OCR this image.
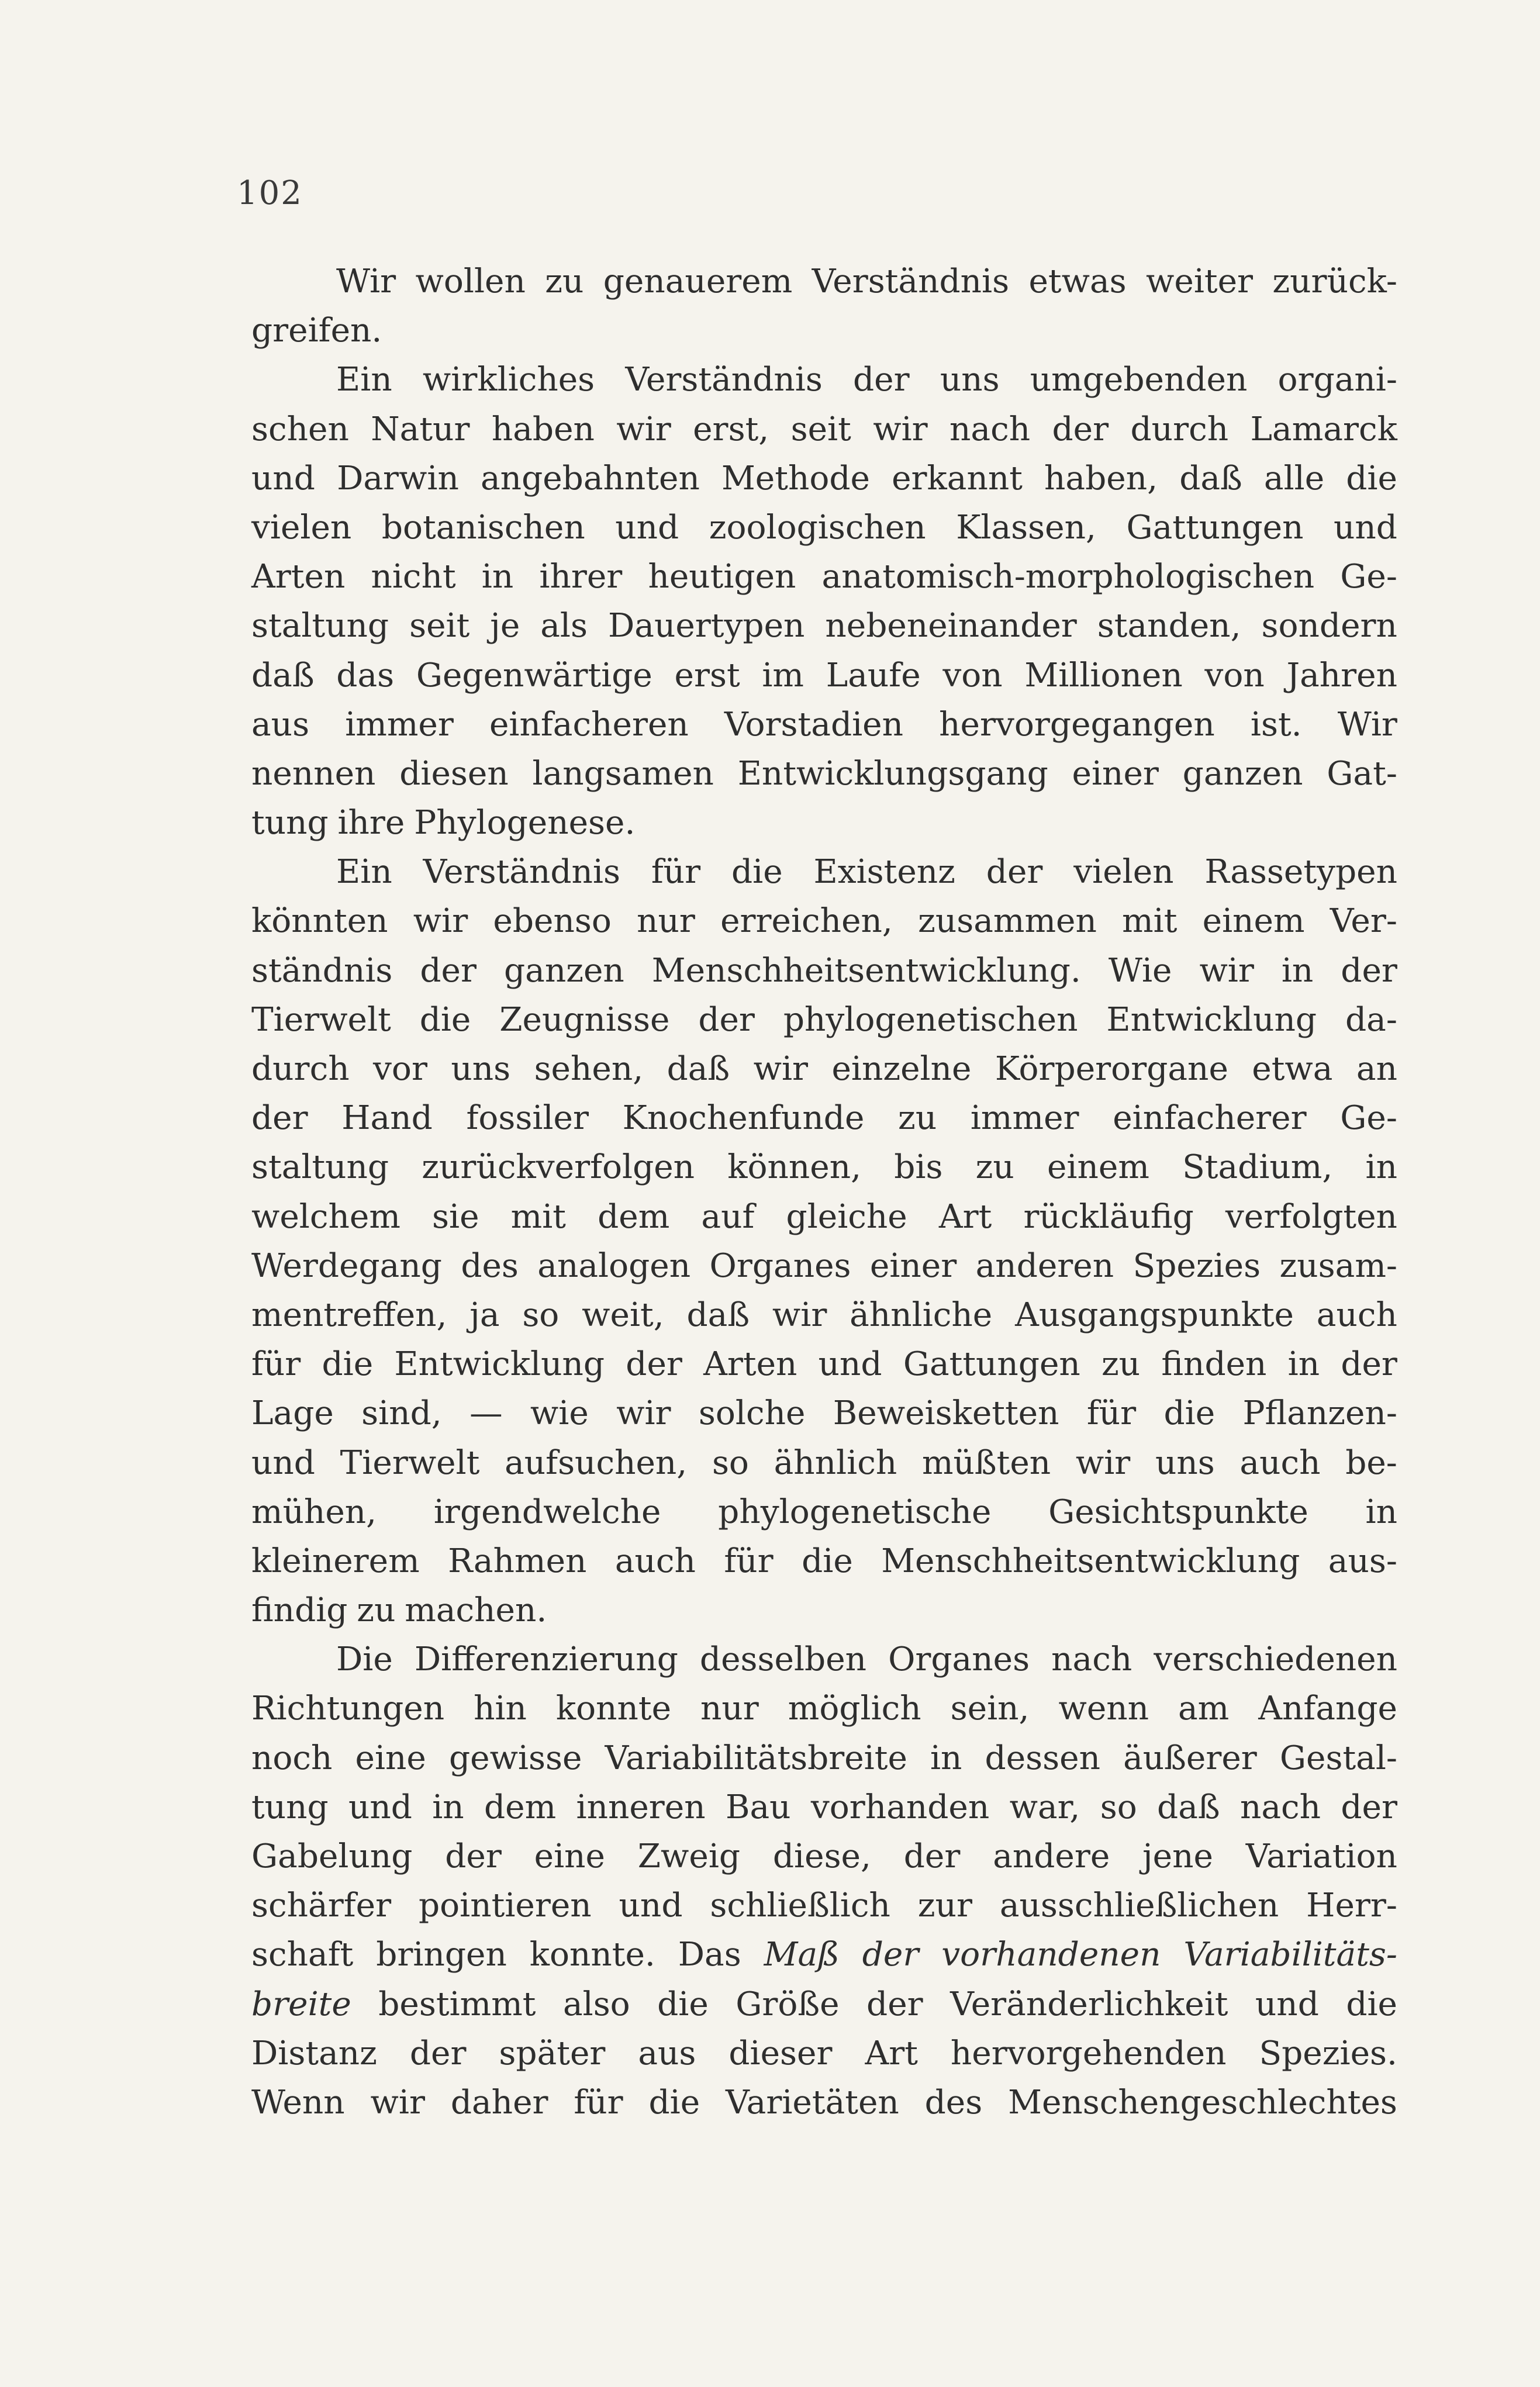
102
Wir wollen zu genauerem Verständnis etwas weiter zurück-
greifen.
Ein wirkliches Verständnis der uns umgebenden organi-
schen Natur haben wir erst, seit wir nach der durch Lamarck
und Darwin angebahnten Methode erkannt haben, daß alle die
vielen botanischen und zoologischen Klassen, Gattungen und
Arten nicht in ihrer heutigen anatomisch-morphologischen Ge-
staltung seit je als Dauertypen nebeneinander standen, sondern
daß das Gegenwärtige erst im Laufe von Millionen von Jahren
aus immer einfacheren Vorstadien hervorgegangen ist. Wir
nennen diesen langsamen Entwicklungsgang einer ganzen Gat-
tung ihre Phylogenese.
Ein Verständnis für die Existenz der vielen Rassetypen
könnten wir ebenso nur erreichen, zusammen mit einem Ver-
ständnis der ganzen Menschheitsentwicklung. Wie wir in der
Tierwelt die Zeugnisse der phylogenetischen Entwicklung da-
durch vor uns sehen, daß wir einzelne Körperorgane etwa an
der Hand fossiler Knochenfunde zu immer einfacherer Ge-
staltung zurückverfolgen können, bis zu einem Stadium, in
welchem sie mit dem auf gleiche Art rückläufig verfolgten
Werdegang des analogen Organes einer anderen Spezies zusam-
mentreffen, ja so weit, daß wir ähnliche Ausgangspunkte auch
für die Entwicklung der Arten und Gattungen zu finden in der
Lage sind, — wie wir solche Beweisketten für die Pflanzen-
und Tierwelt aufsuchen, so ähnlich müßten wir uns auch be-
mühen, irgendwelche phylogenetische Gesichtspunkte in
kleinerem Rahmen auch für die Menschheitsentwicklung aus-
findig zu machen.
Die Differenzierung desselben Organes nach verschiedenen
Richtungen hin konnte nur möglich sein, wenn am Anfange
noch eine gewisse Variabilitätsbreite in dessen äußerer Gestal-
tung und in dem inneren Bau vorhanden war, so daß nach der
Gabelung der eine Zweig diese, der andere jene Variation
schärfer pointieren und schließlich zur ausschließlichen Herr-
schaft bringen konnte. Das Maß der vorhandenen Variabilitäts-
breite bestimmt also die Größe der Veränderlichkeit und die
Distanz der später aus dieser Art hervorgehenden Spezies.
Wenn wir daher für die Varietäten des Menschengeschlechtes
